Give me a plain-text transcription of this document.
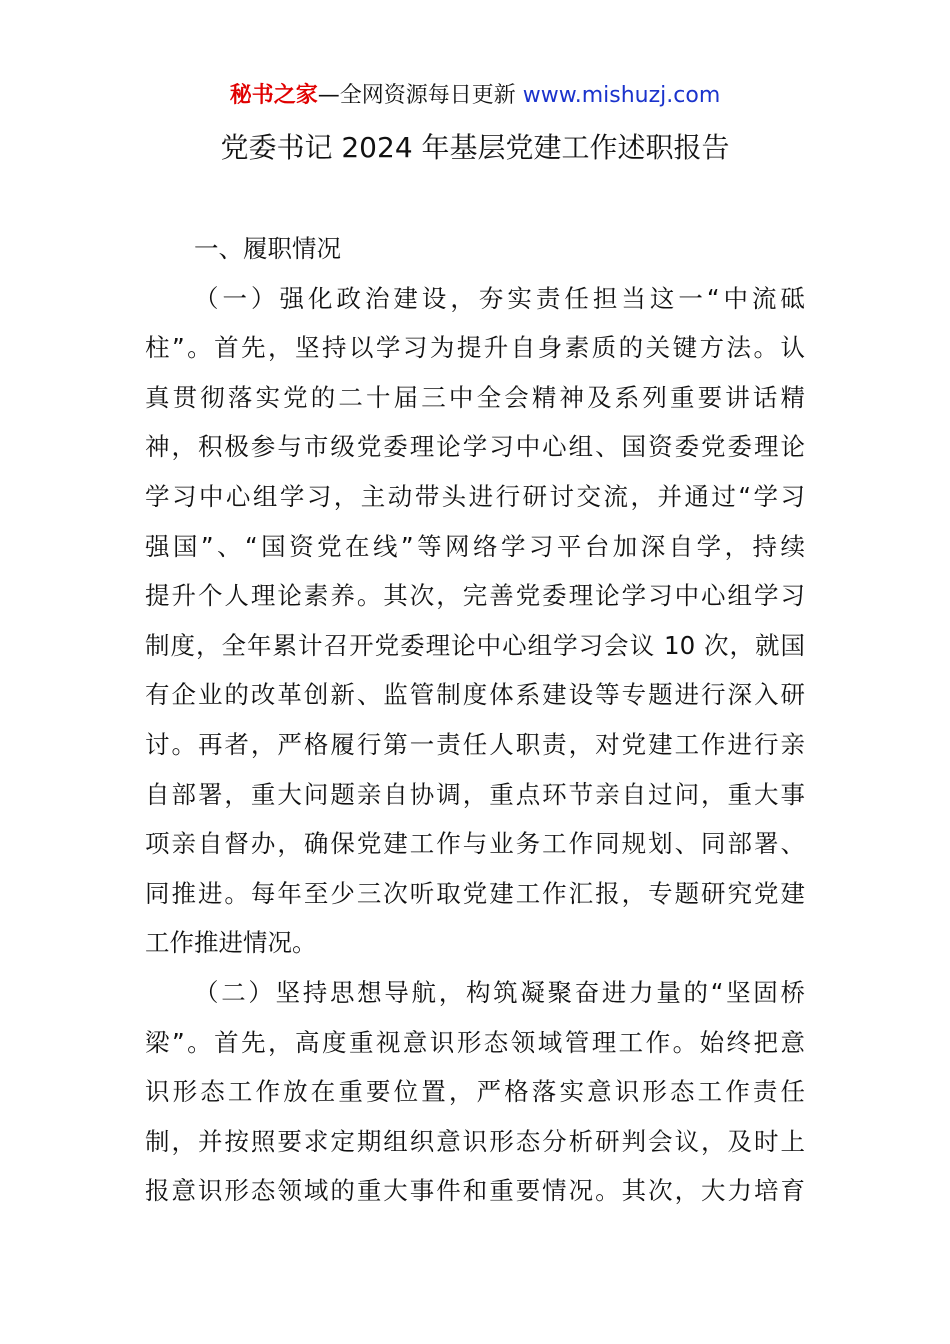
秘书之家—全网资源每日更新 www.mishuzj.com
党委书记 2024 年基层党建工作述职报告
一、履职情况
（一）强化政治建设，夯实责任担当这一“中流砥
柱”。首先，坚持以学习为提升自身素质的关键方法。认
真贯彻落实党的二十届三中全会精神及系列重要讲话精
神，积极参与市级党委理论学习中心组、国资委党委理论
学习中心组学习，主动带头进行研讨交流，并通过“学习
强国”、“国资党在线”等网络学习平台加深自学，持续
提升个人理论素养。其次，完善党委理论学习中心组学习
制度，全年累计召开党委理论中心组学习会议 10 次，就国
有企业的改革创新、监管制度体系建设等专题进行深入研
讨。再者，严格履行第一责任人职责，对党建工作进行亲
自部署，重大问题亲自协调，重点环节亲自过问，重大事
项亲自督办，确保党建工作与业务工作同规划、同部署、
同推进。每年至少三次听取党建工作汇报，专题研究党建
工作推进情况。
（二）坚持思想导航，构筑凝聚奋进力量的“坚固桥
梁”。首先，高度重视意识形态领域管理工作。始终把意
识形态工作放在重要位置，严格落实意识形态工作责任
制，并按照要求定期组织意识形态分析研判会议，及时上
报意识形态领域的重大事件和重要情况。其次，大力培育
